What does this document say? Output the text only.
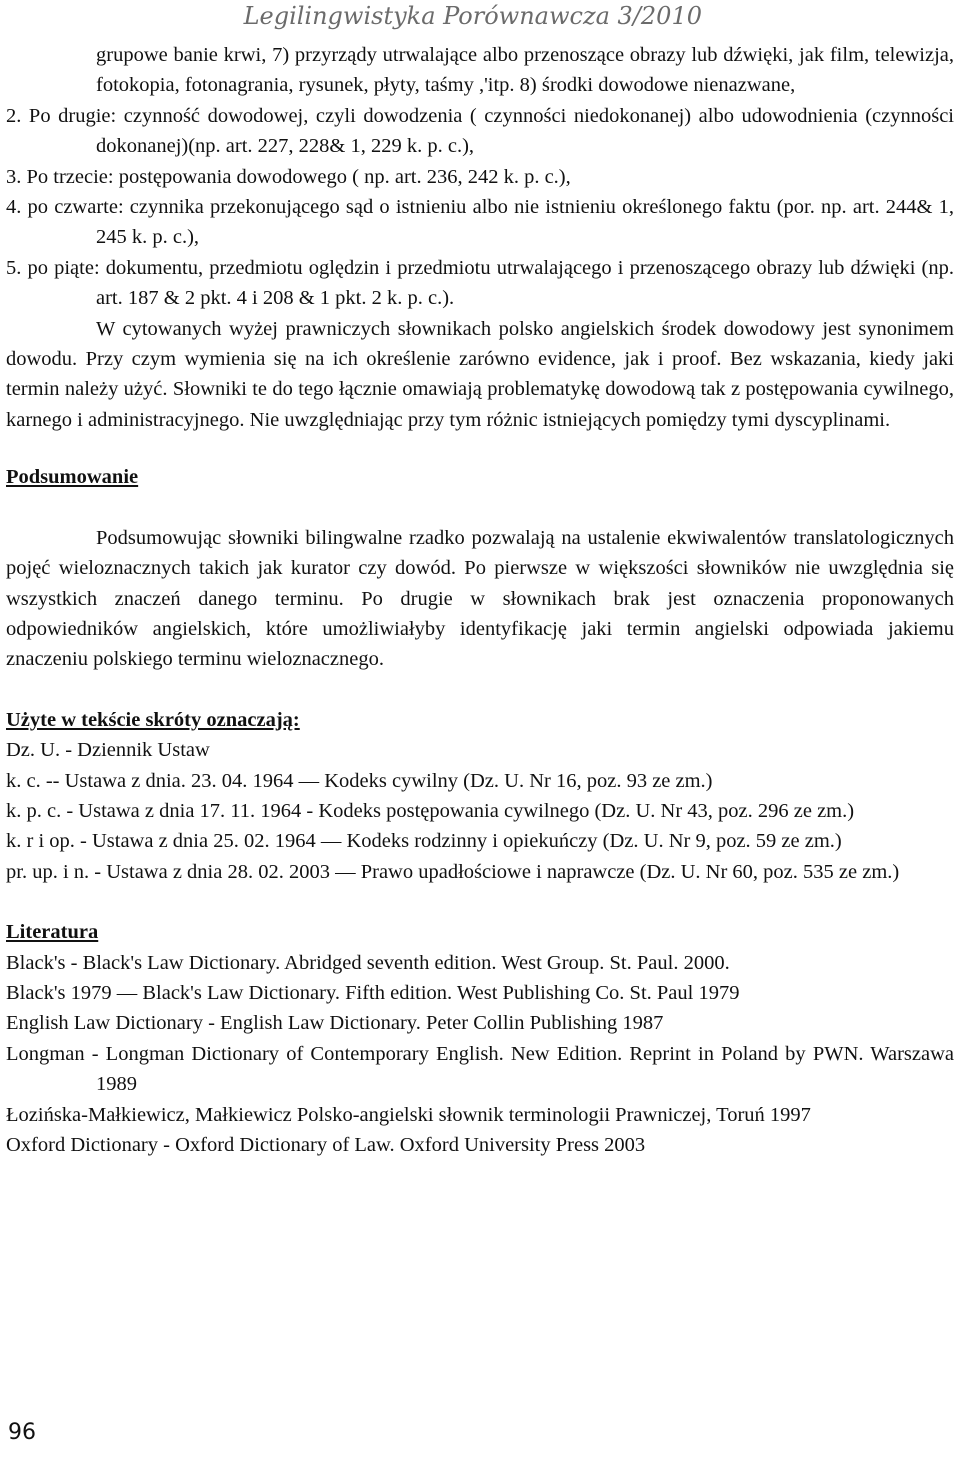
Legilingwistyka Porównawcza 3/2010

grupowe banie krwi, 7) przyrządy utrwalające albo przenoszące obrazy lub dźwięki, jak film, telewizja, fotokopia, fotonagrania, rysunek, płyty, taśmy ,'itp. 8) środki dowodowe nienazwane,

2. Po drugie: czynność dowodowej, czyli dowodzenia ( czynności niedokonanej) albo udowodnienia (czynności dokonanej)(np. art. 227, 228& 1, 229 k. p. c.),

3. Po trzecie: postępowania dowodowego ( np. art. 236, 242 k. p. c.),

4. po czwarte: czynnika przekonującego sąd o istnieniu albo nie istnieniu określonego faktu (por. np. art. 244& 1, 245 k. p. c.),

5. po piąte: dokumentu, przedmiotu oględzin i przedmiotu utrwalającego i przenoszącego obrazy lub dźwięki (np. art. 187 & 2 pkt. 4 i 208 & 1 pkt. 2 k. p. c.).

W cytowanych wyżej prawniczych słownikach polsko angielskich środek dowodowy jest synonimem dowodu. Przy czym wymienia się na ich określenie zarówno evidence, jak i proof. Bez wskazania, kiedy jaki termin należy użyć. Słowniki te do tego łącznie omawiają problematykę dowodową tak z postępowania cywilnego, karnego i administracyjnego. Nie uwzględniając przy tym różnic istniejących pomiędzy tymi dyscyplinami.

Podsumowanie

Podsumowując słowniki bilingwalne rzadko pozwalają na ustalenie ekwiwalentów translatologicznych pojęć wieloznacznych takich jak kurator czy dowód. Po pierwsze w większości słowników nie uwzględnia się wszystkich znaczeń danego terminu. Po drugie w słownikach brak jest oznaczenia proponowanych odpowiedników angielskich, które umożliwiałyby identyfikację jaki termin angielski odpowiada jakiemu znaczeniu polskiego terminu wieloznacznego.

Użyte w tekście skróty oznaczają:
Dz. U. - Dziennik Ustaw
k. c. -- Ustawa z dnia. 23. 04. 1964 — Kodeks cywilny (Dz. U. Nr 16, poz. 93 ze zm.)
k. p. c. - Ustawa z dnia 17. 11. 1964 - Kodeks postępowania cywilnego (Dz. U. Nr 43, poz. 296 ze zm.)
k. r i op. - Ustawa z dnia 25. 02. 1964 — Kodeks rodzinny i opiekuńczy (Dz. U. Nr 9, poz. 59 ze zm.)
pr. up. i n. - Ustawa z dnia 28. 02. 2003 — Prawo upadłościowe i naprawcze (Dz. U. Nr 60, poz. 535 ze zm.)
Literatura
Black's - Black's Law Dictionary. Abridged seventh edition. West Group. St. Paul. 2000.
Black's 1979 — Black's Law Dictionary. Fifth edition. West Publishing Co. St. Paul 1979
English Law Dictionary - English Law Dictionary. Peter Collin Publishing 1987
Longman - Longman Dictionary of Contemporary English. New Edition. Reprint in Poland by PWN. Warszawa 1989
Łozińska-Małkiewicz, Małkiewicz Polsko-angielski słownik terminologii Prawniczej, Toruń 1997
Oxford Dictionary - Oxford Dictionary of Law. Oxford University Press 2003
96
